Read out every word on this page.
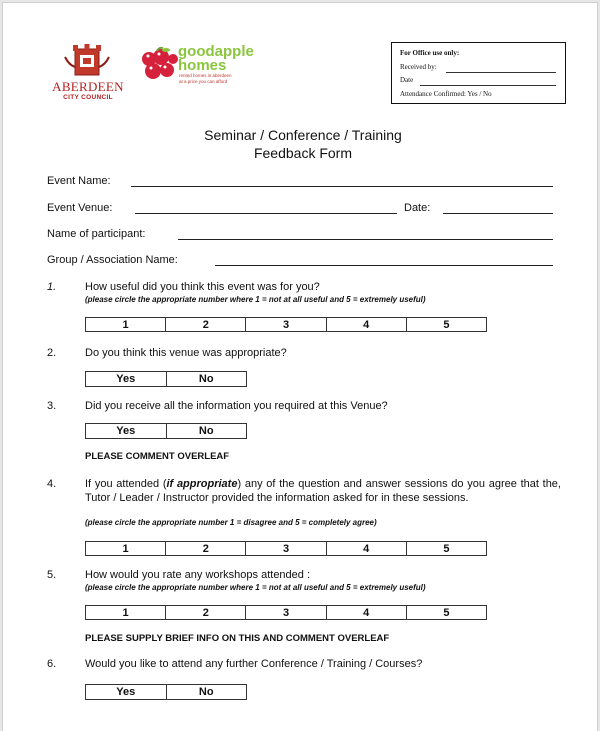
ABERDEEN
CITY COUNCIL
goodapple
homes
rented homes in aberdeen
at a price you can afford
For Office use only:
Received by:
Date
Attendance Confirmed: Yes / No
Seminar / Conference / Training
Feedback Form
Event Name:
Event Venue:	Date:
Name of participant:
Group / Association Name:
1.	How useful did you think this event was for you?
(please circle the appropriate number where 1 = not at all useful and 5 = extremely useful)
1	2	3	4	5
2.	Do you think this venue was appropriate?
Yes	No
3.	Did you receive all the information you required at this Venue?
Yes	No
PLEASE COMMENT OVERLEAF
4.	If you attended (if appropriate) any of the question and answer sessions do you agree that the, Tutor / Leader / Instructor provided the information asked for in these sessions.
(please circle the appropriate number 1 = disagree and 5 = completely agree)
1	2	3	4	5
5.	How would you rate any workshops attended :
(please circle the appropriate number where 1 = not at all useful and 5 = extremely useful)
1	2	3	4	5
PLEASE SUPPLY BRIEF INFO ON THIS AND COMMENT OVERLEAF
6.	Would you like to attend any further Conference / Training / Courses?
Yes	No
